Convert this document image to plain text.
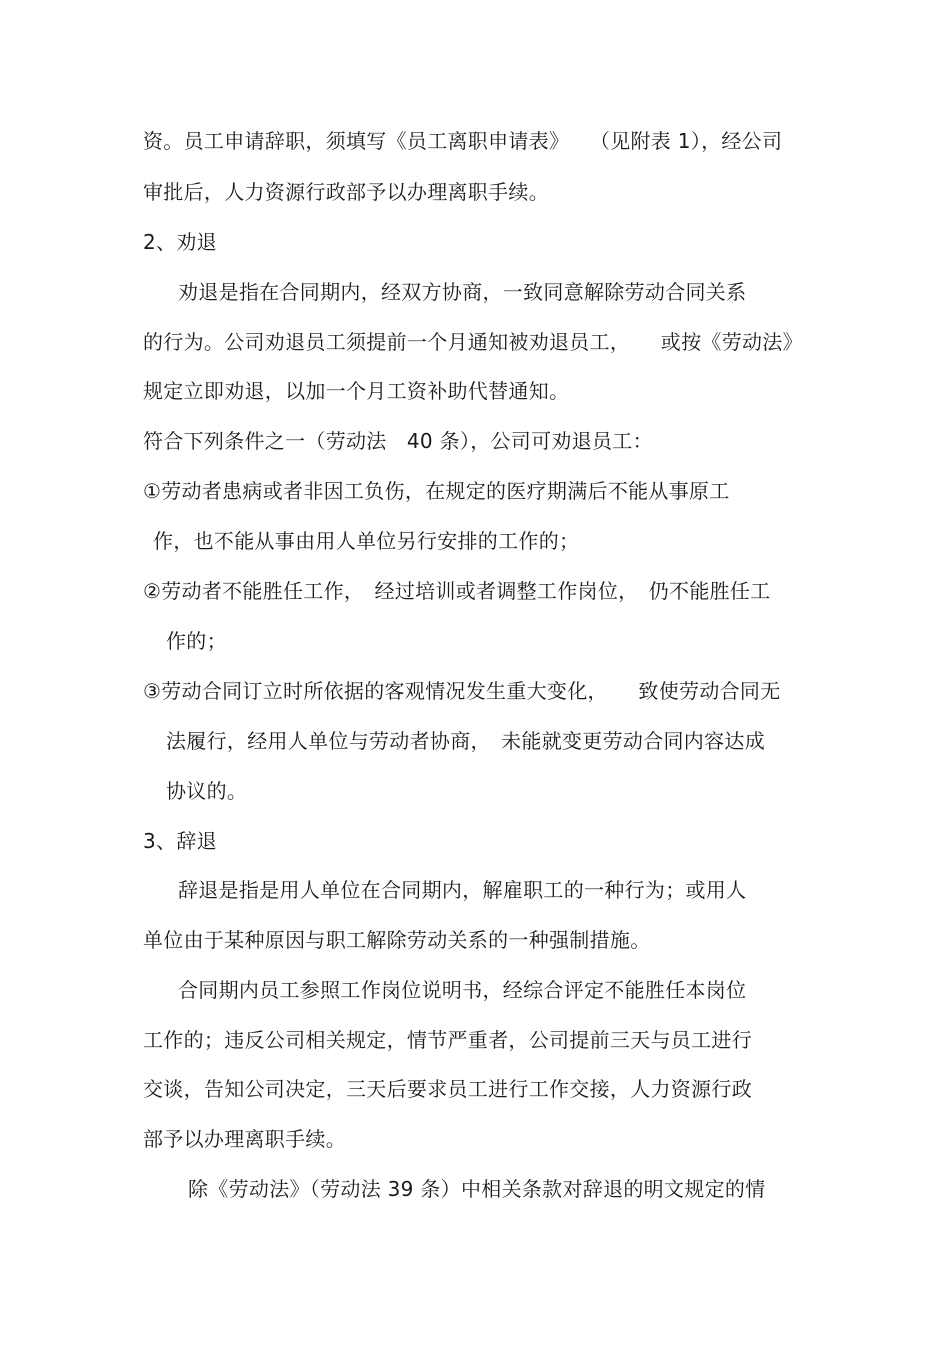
资。员工申请辞职，须填写《员工离职申请表》　　（见附表 1），经公司
审批后，人力资源行政部予以办理离职手续。
2、劝退
劝退是指在合同期内，经双方协商，一致同意解除劳动合同关系
的行为。公司劝退员工须提前一个月通知被劝退员工，　　或按《劳动法》
规定立即劝退，以加一个月工资补助代替通知。
符合下列条件之一（劳动法　40 条），公司可劝退员工：
①劳动者患病或者非因工负伤，在规定的医疗期满后不能从事原工
作，也不能从事由用人单位另行安排的工作的；
②劳动者不能胜任工作，　经过培训或者调整工作岗位，　仍不能胜任工
作的；
③劳动合同订立时所依据的客观情况发生重大变化，　　致使劳动合同无
法履行，经用人单位与劳动者协商，　未能就变更劳动合同内容达成
协议的。
3、辞退
辞退是指是用人单位在合同期内，解雇职工的一种行为；或用人
单位由于某种原因与职工解除劳动关系的一种强制措施。
合同期内员工参照工作岗位说明书，经综合评定不能胜任本岗位
工作的；违反公司相关规定，情节严重者，公司提前三天与员工进行
交谈，告知公司决定，三天后要求员工进行工作交接，人力资源行政
部予以办理离职手续。
除《劳动法》（劳动法 39 条）中相关条款对辞退的明文规定的情
